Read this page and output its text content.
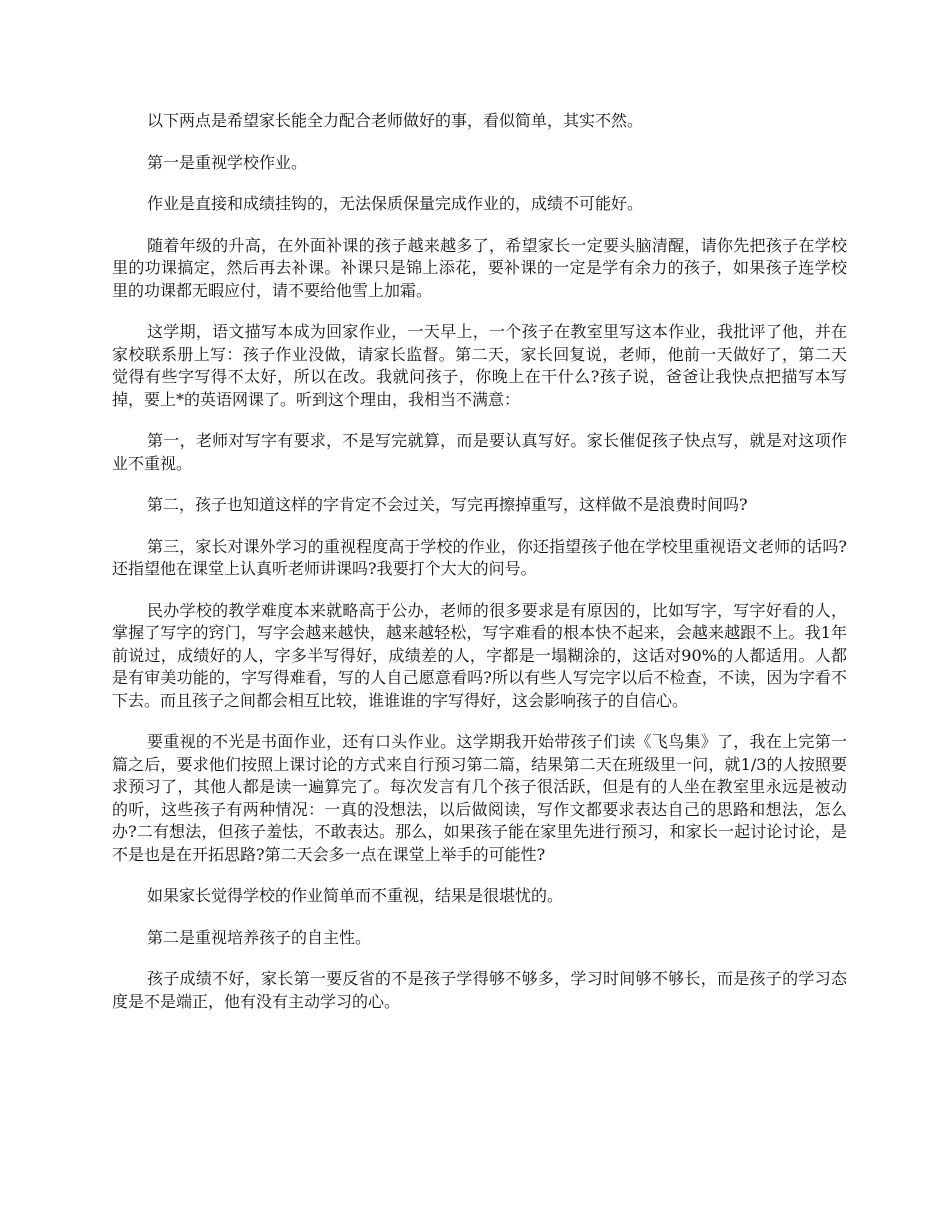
以下两点是希望家长能全力配合老师做好的事，看似简单，其实不然。

第一是重视学校作业。

作业是直接和成绩挂钩的，无法保质保量完成作业的，成绩不可能好。

随着年级的升高，在外面补课的孩子越来越多了，希望家长一定要头脑清醒，请你先把孩子在学校里的功课搞定，然后再去补课。补课只是锦上添花，要补课的一定是学有余力的孩子，如果孩子连学校里的功课都无暇应付，请不要给他雪上加霜。

这学期，语文描写本成为回家作业，一天早上，一个孩子在教室里写这本作业，我批评了他，并在家校联系册上写：孩子作业没做，请家长监督。第二天，家长回复说，老师，他前一天做好了，第二天觉得有些字写得不太好，所以在改。我就问孩子，你晚上在干什么?孩子说，爸爸让我快点把描写本写掉，要上*的英语网课了。听到这个理由，我相当不满意：

第一，老师对写字有要求，不是写完就算，而是要认真写好。家长催促孩子快点写，就是对这项作业不重视。

第二，孩子也知道这样的字肯定不会过关，写完再擦掉重写，这样做不是浪费时间吗?

第三，家长对课外学习的重视程度高于学校的作业，你还指望孩子他在学校里重视语文老师的话吗?还指望他在课堂上认真听老师讲课吗?我要打个大大的问号。

民办学校的教学难度本来就略高于公办，老师的很多要求是有原因的，比如写字，写字好看的人，掌握了写字的窍门，写字会越来越快，越来越轻松，写字难看的根本快不起来，会越来越跟不上。我1年前说过，成绩好的人，字多半写得好，成绩差的人，字都是一塌糊涂的，这话对90%的人都适用。人都是有审美功能的，字写得难看，写的人自己愿意看吗?所以有些人写完字以后不检查，不读，因为字看不下去。而且孩子之间都会相互比较，谁谁谁的字写得好，这会影响孩子的自信心。

要重视的不光是书面作业，还有口头作业。这学期我开始带孩子们读《飞鸟集》了，我在上完第一篇之后，要求他们按照上课讨论的方式来自行预习第二篇，结果第二天在班级里一问，就1/3的人按照要求预习了，其他人都是读一遍算完了。每次发言有几个孩子很活跃，但是有的人坐在教室里永远是被动的听，这些孩子有两种情况：一真的没想法，以后做阅读，写作文都要求表达自己的思路和想法，怎么办?二有想法，但孩子羞怯，不敢表达。那么，如果孩子能在家里先进行预习，和家长一起讨论讨论，是不是也是在开拓思路?第二天会多一点在课堂上举手的可能性?

如果家长觉得学校的作业简单而不重视，结果是很堪忧的。

第二是重视培养孩子的自主性。

孩子成绩不好，家长第一要反省的不是孩子学得够不够多，学习时间够不够长，而是孩子的学习态度是不是端正，他有没有主动学习的心。
